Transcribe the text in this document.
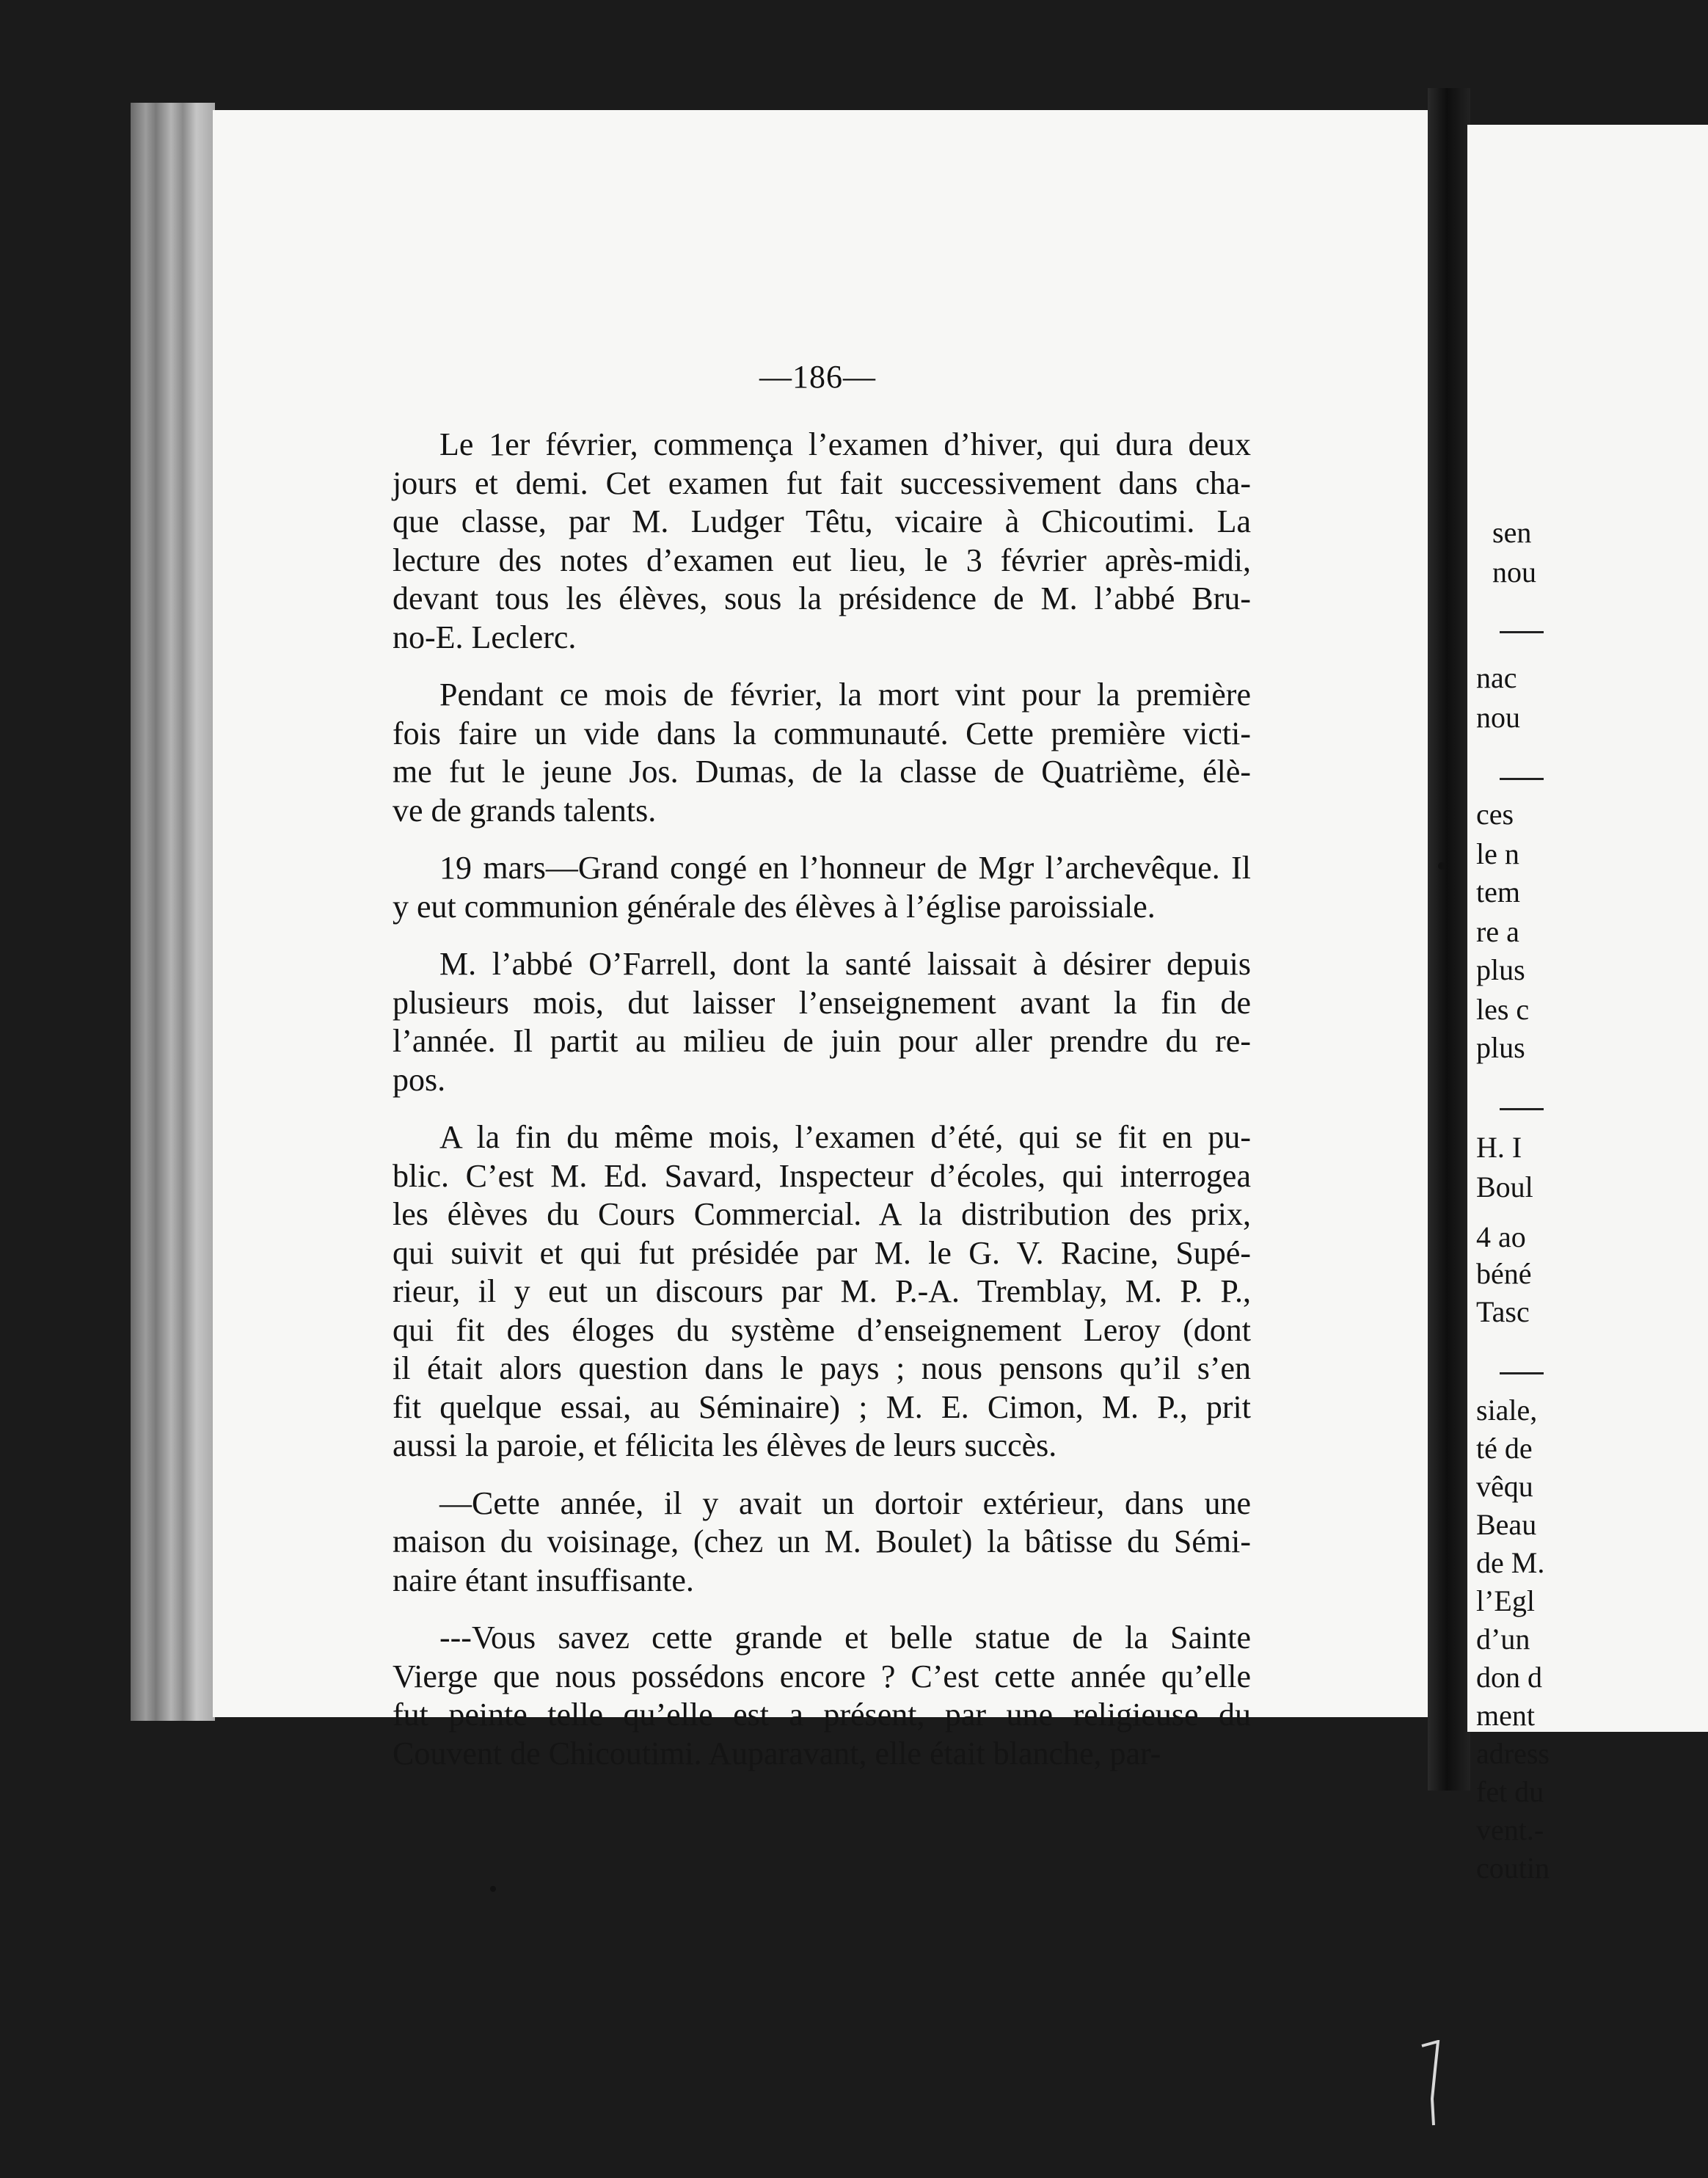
—186—
Le 1er février, commença l’examen d’hiver, qui dura deux
jours et demi. Cet examen fut fait successivement dans cha-
que classe, par M. Ludger Têtu, vicaire à Chicoutimi. La
lecture des notes d’examen eut lieu, le 3 février après-midi,
devant tous les élèves, sous la présidence de M. l’abbé Bru-
no-E. Leclerc.
Pendant ce mois de février, la mort vint pour la première
fois faire un vide dans la communauté. Cette première victi-
me fut le jeune Jos. Dumas, de la classe de Quatrième, élè-
ve de grands talents.
19 mars—Grand congé en l’honneur de Mgr l’archevêque. Il
y eut communion générale des élèves à l’église paroissiale.
M. l’abbé O’Farrell, dont la santé laissait à désirer depuis
plusieurs mois, dut laisser l’enseignement avant la fin de
l’année. Il partit au milieu de juin pour aller prendre du re-
pos.
A la fin du même mois, l’examen d’été, qui se fit en pu-
blic. C’est M. Ed. Savard, Inspecteur d’écoles, qui interrogea
les élèves du Cours Commercial. A la distribution des prix,
qui suivit et qui fut présidée par M. le G. V. Racine, Supé-
rieur, il y eut un discours par M. P.-A. Tremblay, M. P. P.,
qui fit des éloges du système d’enseignement Leroy (dont
il était alors question dans le pays ; nous pensons qu’il s’en
fit quelque essai, au Séminaire) ; M. E. Cimon, M. P., prit
aussi la paroie, et félicita les élèves de leurs succès.
—Cette année, il y avait un dortoir extérieur, dans une
maison du voisinage, (chez un M. Boulet) la bâtisse du Sémi-
naire étant insuffisante.
---Vous savez cette grande et belle statue de la Sainte
Vierge que nous possédons encore ? C’est cette année qu’elle
fut peinte telle qu’elle est a présent, par une religieuse du
Couvent de Chicoutimi. Auparavant, elle était blanche, par-
sen
nou
nac
nou
ces
le n
tem
re a
plus
les c
plus
H. I
Boul
4 ao
béné
Tasc
siale,
té de
vêqu
Beau
de M.
l’Egl
d’un
don d
ment
adress
fet du
vent.-
coutin
